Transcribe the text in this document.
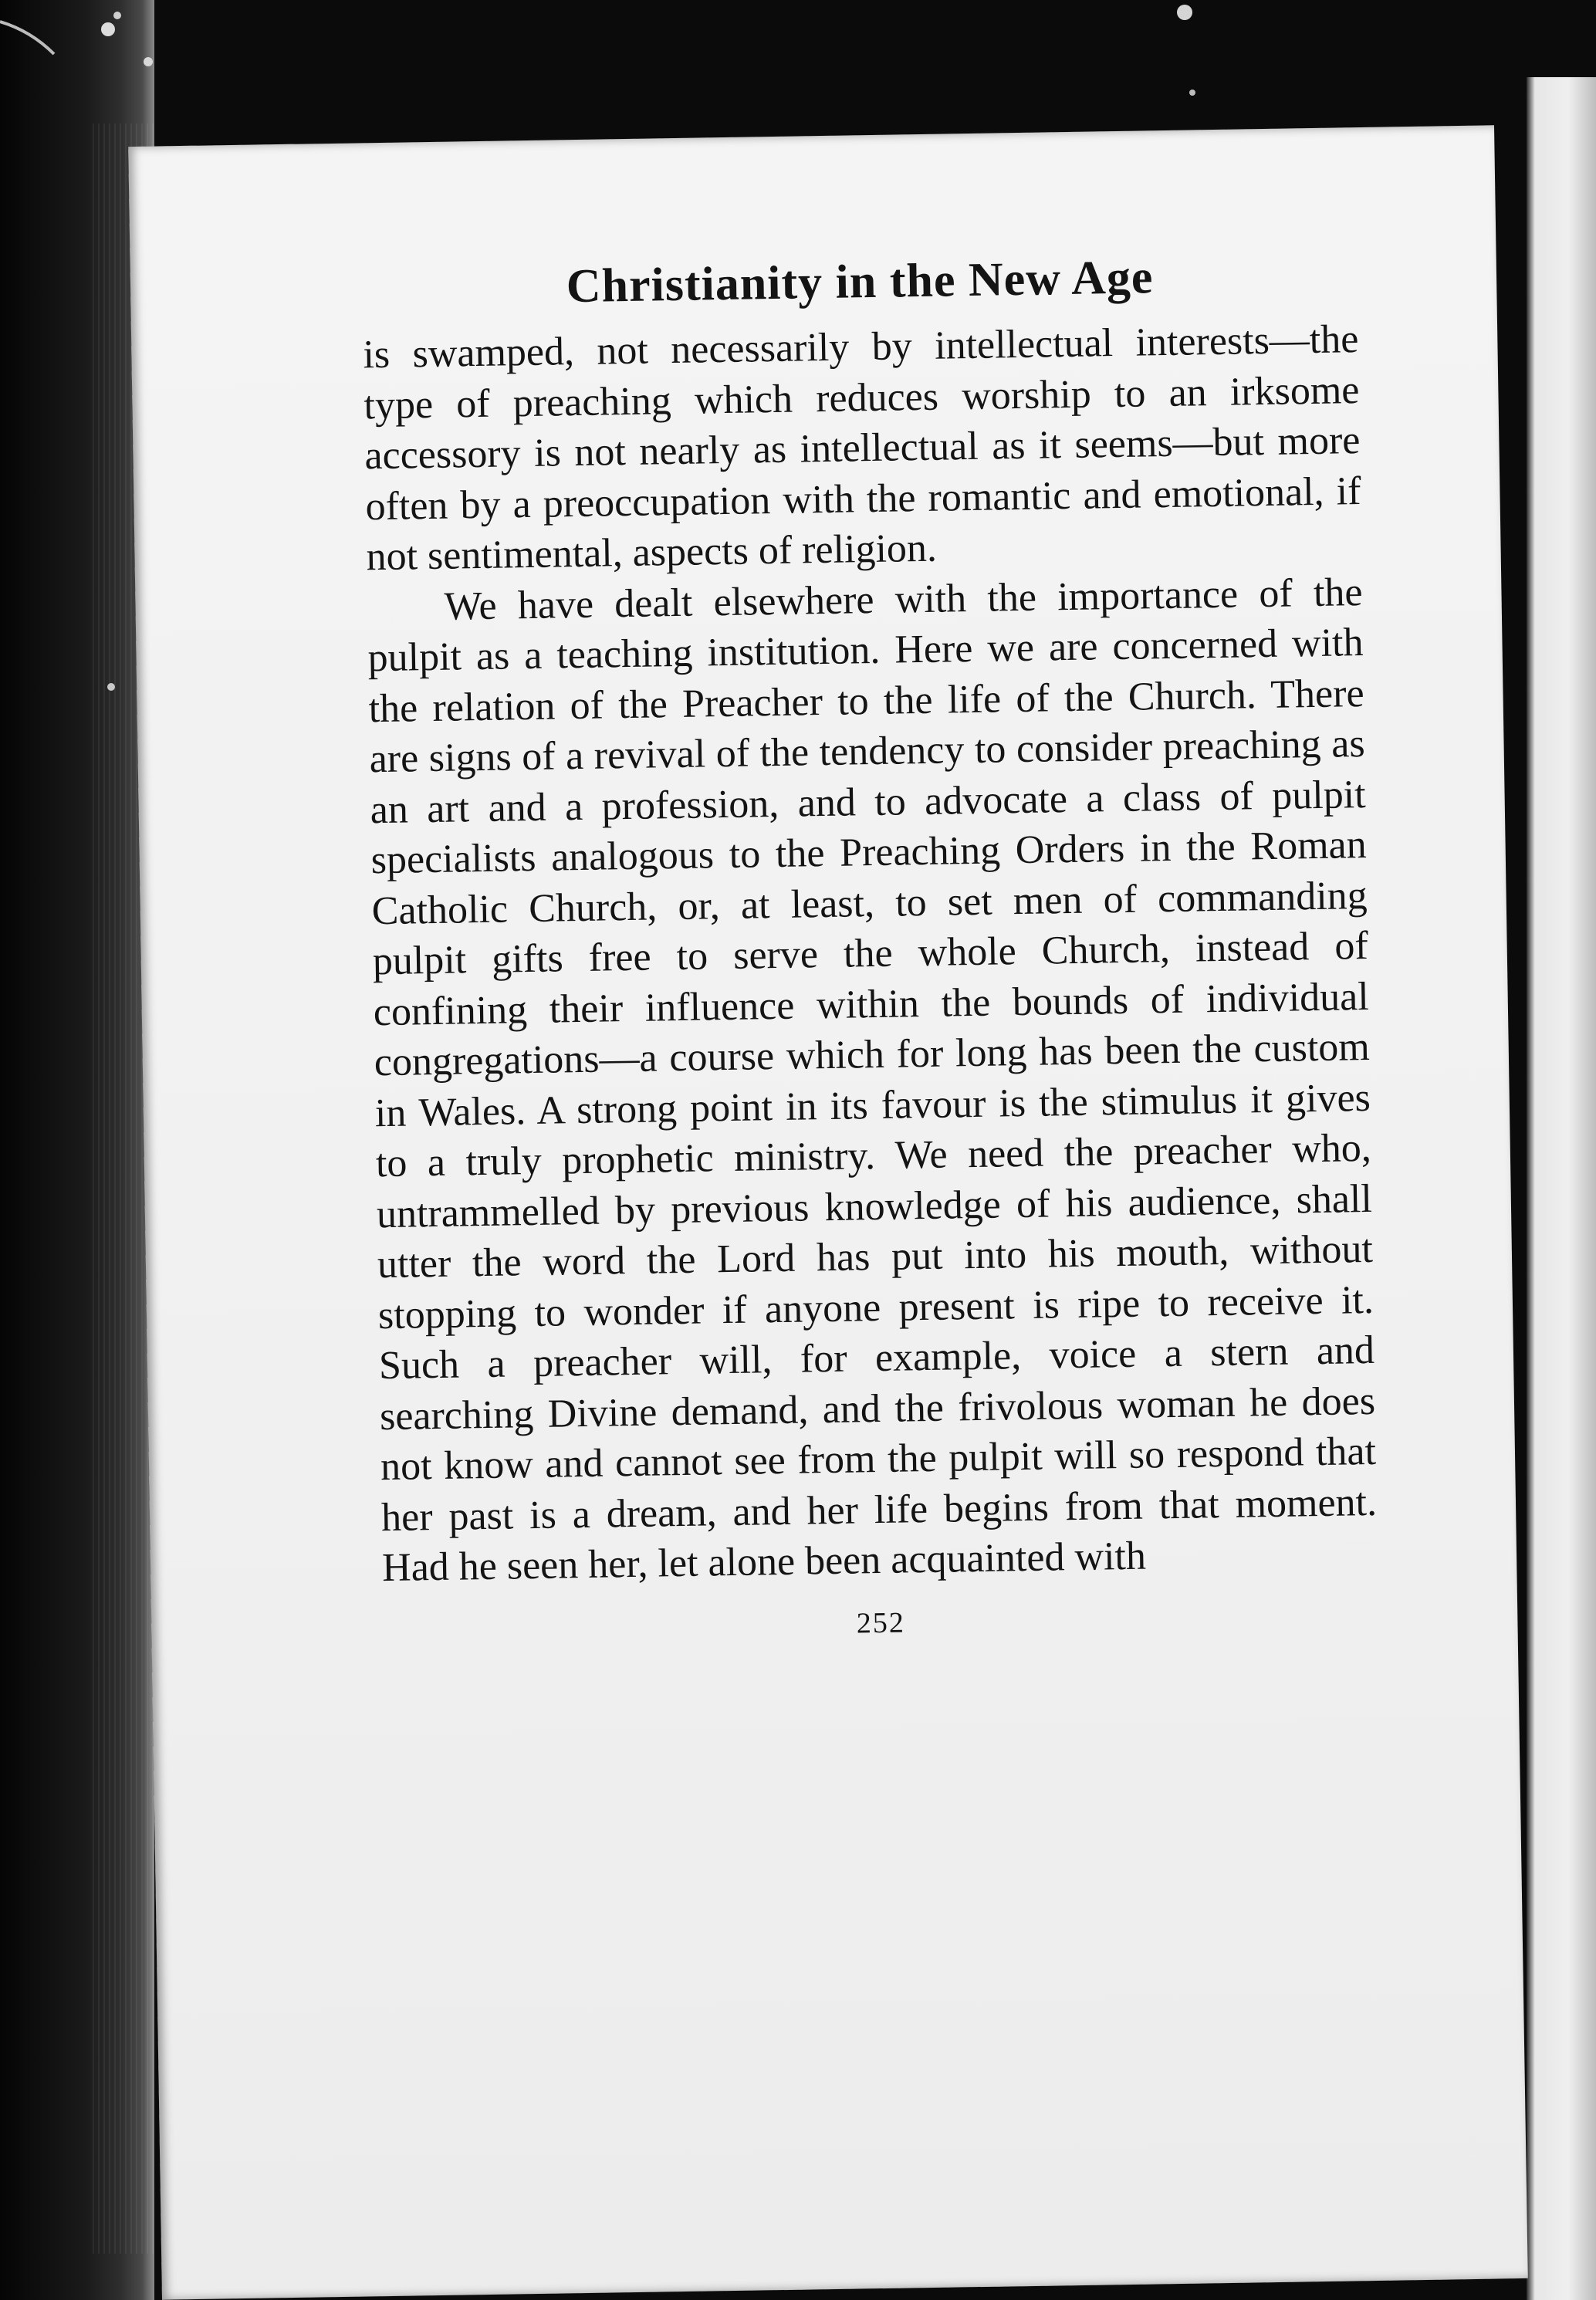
Christianity in the New Age

is swamped, not necessarily by intellectual interests—the type of preaching which reduces worship to an irksome accessory is not nearly as intellectual as it seems—but more often by a preoccupation with the romantic and emotional, if not sentimental, aspects of religion.

We have dealt elsewhere with the importance of the pulpit as a teaching institution. Here we are concerned with the relation of the Preacher to the life of the Church. There are signs of a revival of the tendency to consider preaching as an art and a profession, and to advocate a class of pulpit specialists analogous to the Preaching Orders in the Roman Catholic Church, or, at least, to set men of commanding pulpit gifts free to serve the whole Church, instead of confining their influence within the bounds of individual congregations—a course which for long has been the custom in Wales. A strong point in its favour is the stimulus it gives to a truly prophetic ministry. We need the preacher who, untrammelled by previous knowledge of his audience, shall utter the word the Lord has put into his mouth, without stopping to wonder if anyone present is ripe to receive it. Such a preacher will, for example, voice a stern and searching Divine demand, and the frivolous woman he does not know and cannot see from the pulpit will so respond that her past is a dream, and her life begins from that moment. Had he seen her, let alone been acquainted with

252
